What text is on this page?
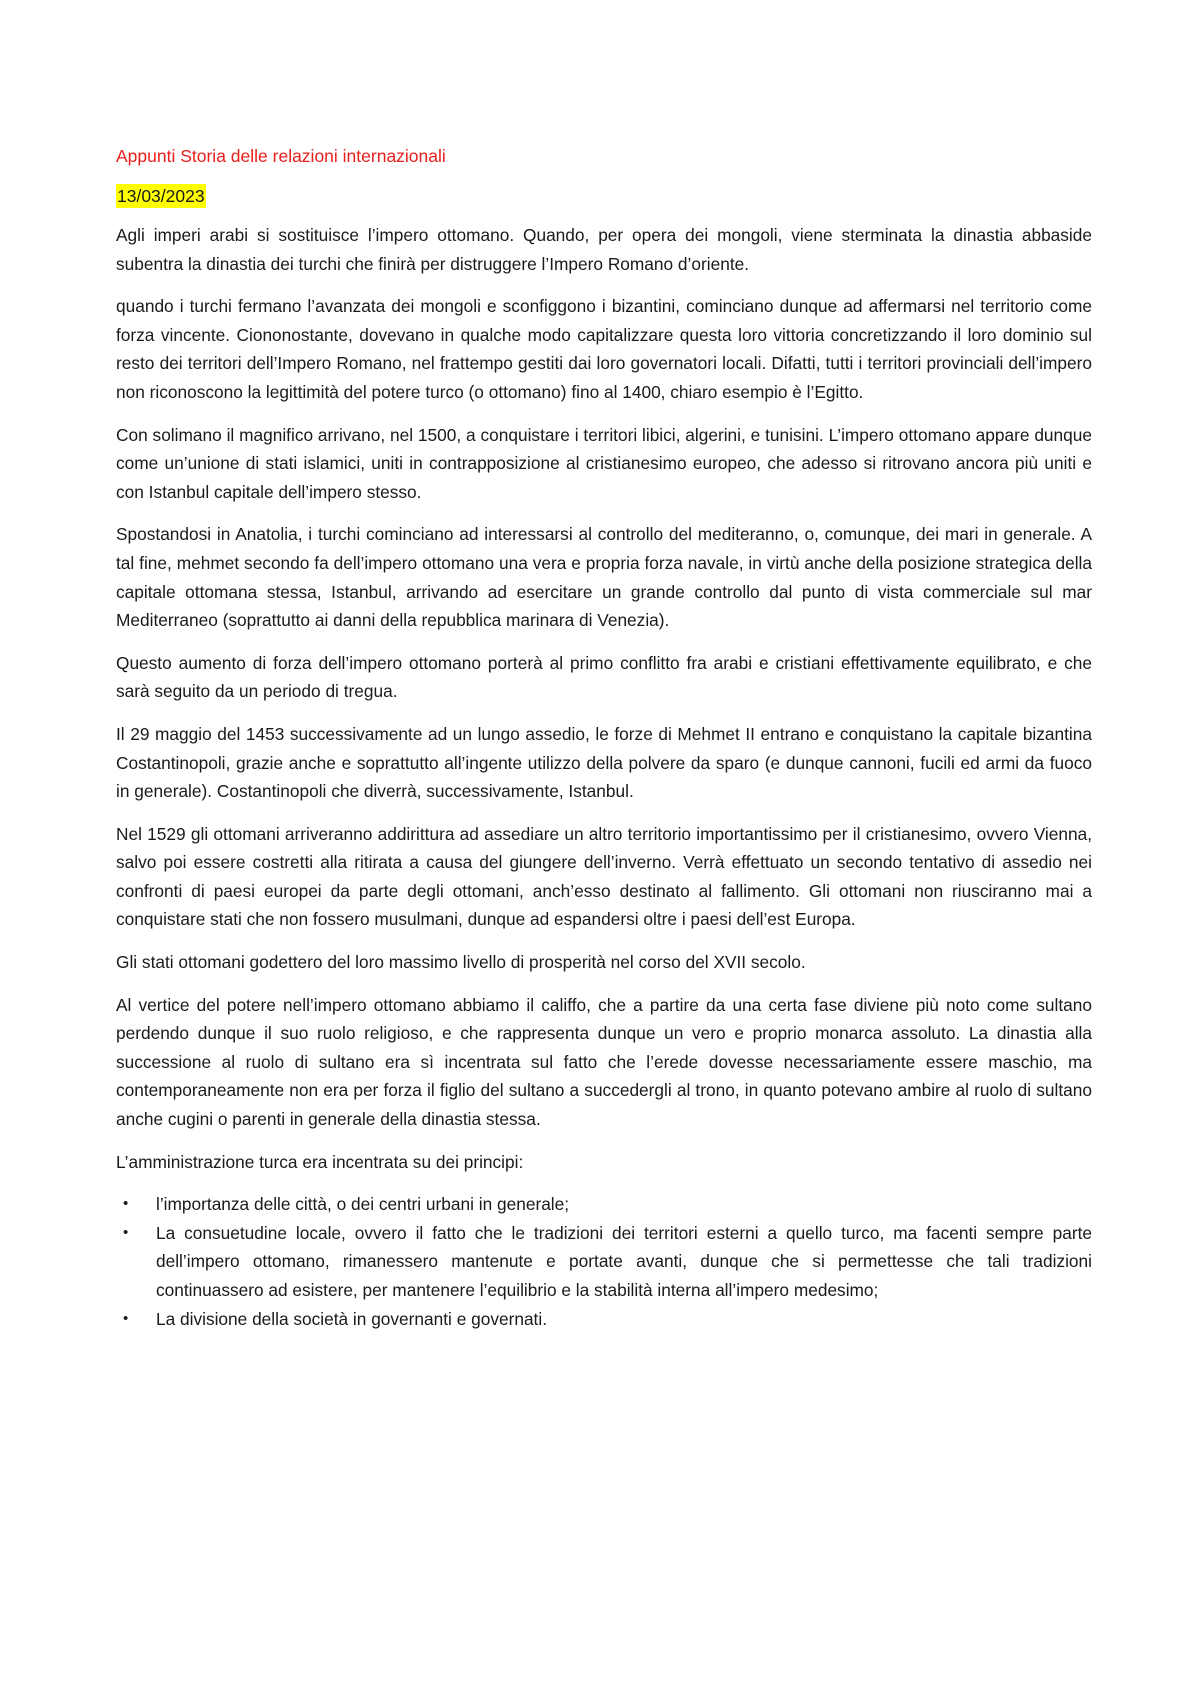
Appunti Storia delle relazioni internazionali

13/03/2023

Agli imperi arabi si sostituisce l’impero ottomano. Quando, per opera dei mongoli, viene sterminata la dinastia abbaside subentra la dinastia dei turchi che finirà per distruggere l’Impero Romano d’oriente.

quando i turchi fermano l’avanzata dei mongoli e sconfiggono i bizantini, cominciano dunque ad affermarsi nel territorio come forza vincente. Ciononostante, dovevano in qualche modo capitalizzare questa loro vittoria concretizzando il loro dominio sul resto dei territori dell’Impero Romano, nel frattempo gestiti dai loro governatori locali. Difatti, tutti i territori provinciali dell’impero non riconoscono la legittimità del potere turco (o ottomano) fino al 1400, chiaro esempio è l’Egitto.

Con solimano il magnifico arrivano, nel 1500, a conquistare i territori libici, algerini, e tunisini. L’impero ottomano appare dunque come un’unione di stati islamici, uniti in contrapposizione al cristianesimo europeo, che adesso si ritrovano ancora più uniti e con Istanbul capitale dell’impero stesso.

Spostandosi in Anatolia, i turchi cominciano ad interessarsi al controllo del mediteranno, o, comunque, dei mari in generale. A tal fine, mehmet secondo fa dell’impero ottomano una vera e propria forza navale, in virtù anche della posizione strategica della capitale ottomana stessa, Istanbul, arrivando ad esercitare un grande controllo dal punto di vista commerciale sul mar Mediterraneo (soprattutto ai danni della repubblica marinara di Venezia).

Questo aumento di forza dell’impero ottomano porterà al primo conflitto fra arabi e cristiani effettivamente equilibrato, e che sarà seguito da un periodo di tregua.

Il 29 maggio del 1453 successivamente ad un lungo assedio, le forze di Mehmet II entrano e conquistano la capitale bizantina Costantinopoli, grazie anche e soprattutto all’ingente utilizzo della polvere da sparo (e dunque cannoni, fucili ed armi da fuoco in generale). Costantinopoli che diverrà, successivamente, Istanbul.

Nel 1529 gli ottomani arriveranno addirittura ad assediare un altro territorio importantissimo per il cristianesimo, ovvero Vienna, salvo poi essere costretti alla ritirata a causa del giungere dell’inverno. Verrà effettuato un secondo tentativo di assedio nei confronti di paesi europei da parte degli ottomani, anch’esso destinato al fallimento. Gli ottomani non riusciranno mai a conquistare stati che non fossero musulmani, dunque ad espandersi oltre i paesi dell’est Europa.

Gli stati ottomani godettero del loro massimo livello di prosperità nel corso del XVII secolo.

Al vertice del potere nell’impero ottomano abbiamo il califfo, che a partire da una certa fase diviene più noto come sultano perdendo dunque il suo ruolo religioso, e che rappresenta dunque un vero e proprio monarca assoluto. La dinastia alla successione al ruolo di sultano era sì incentrata sul fatto che l’erede dovesse necessariamente essere maschio, ma contemporaneamente non era per forza il figlio del sultano a succedergli al trono, in quanto potevano ambire al ruolo di sultano anche cugini o parenti in generale della dinastia stessa.

L’amministrazione turca era incentrata su dei principi:

• l’importanza delle città, o dei centri urbani in generale;
• La consuetudine locale, ovvero il fatto che le tradizioni dei territori esterni a quello turco, ma facenti sempre parte dell’impero ottomano, rimanessero mantenute e portate avanti, dunque che si permettesse che tali tradizioni continuassero ad esistere, per mantenere l’equilibrio e la stabilità interna all’impero medesimo;
• La divisione della società in governanti e governati.
